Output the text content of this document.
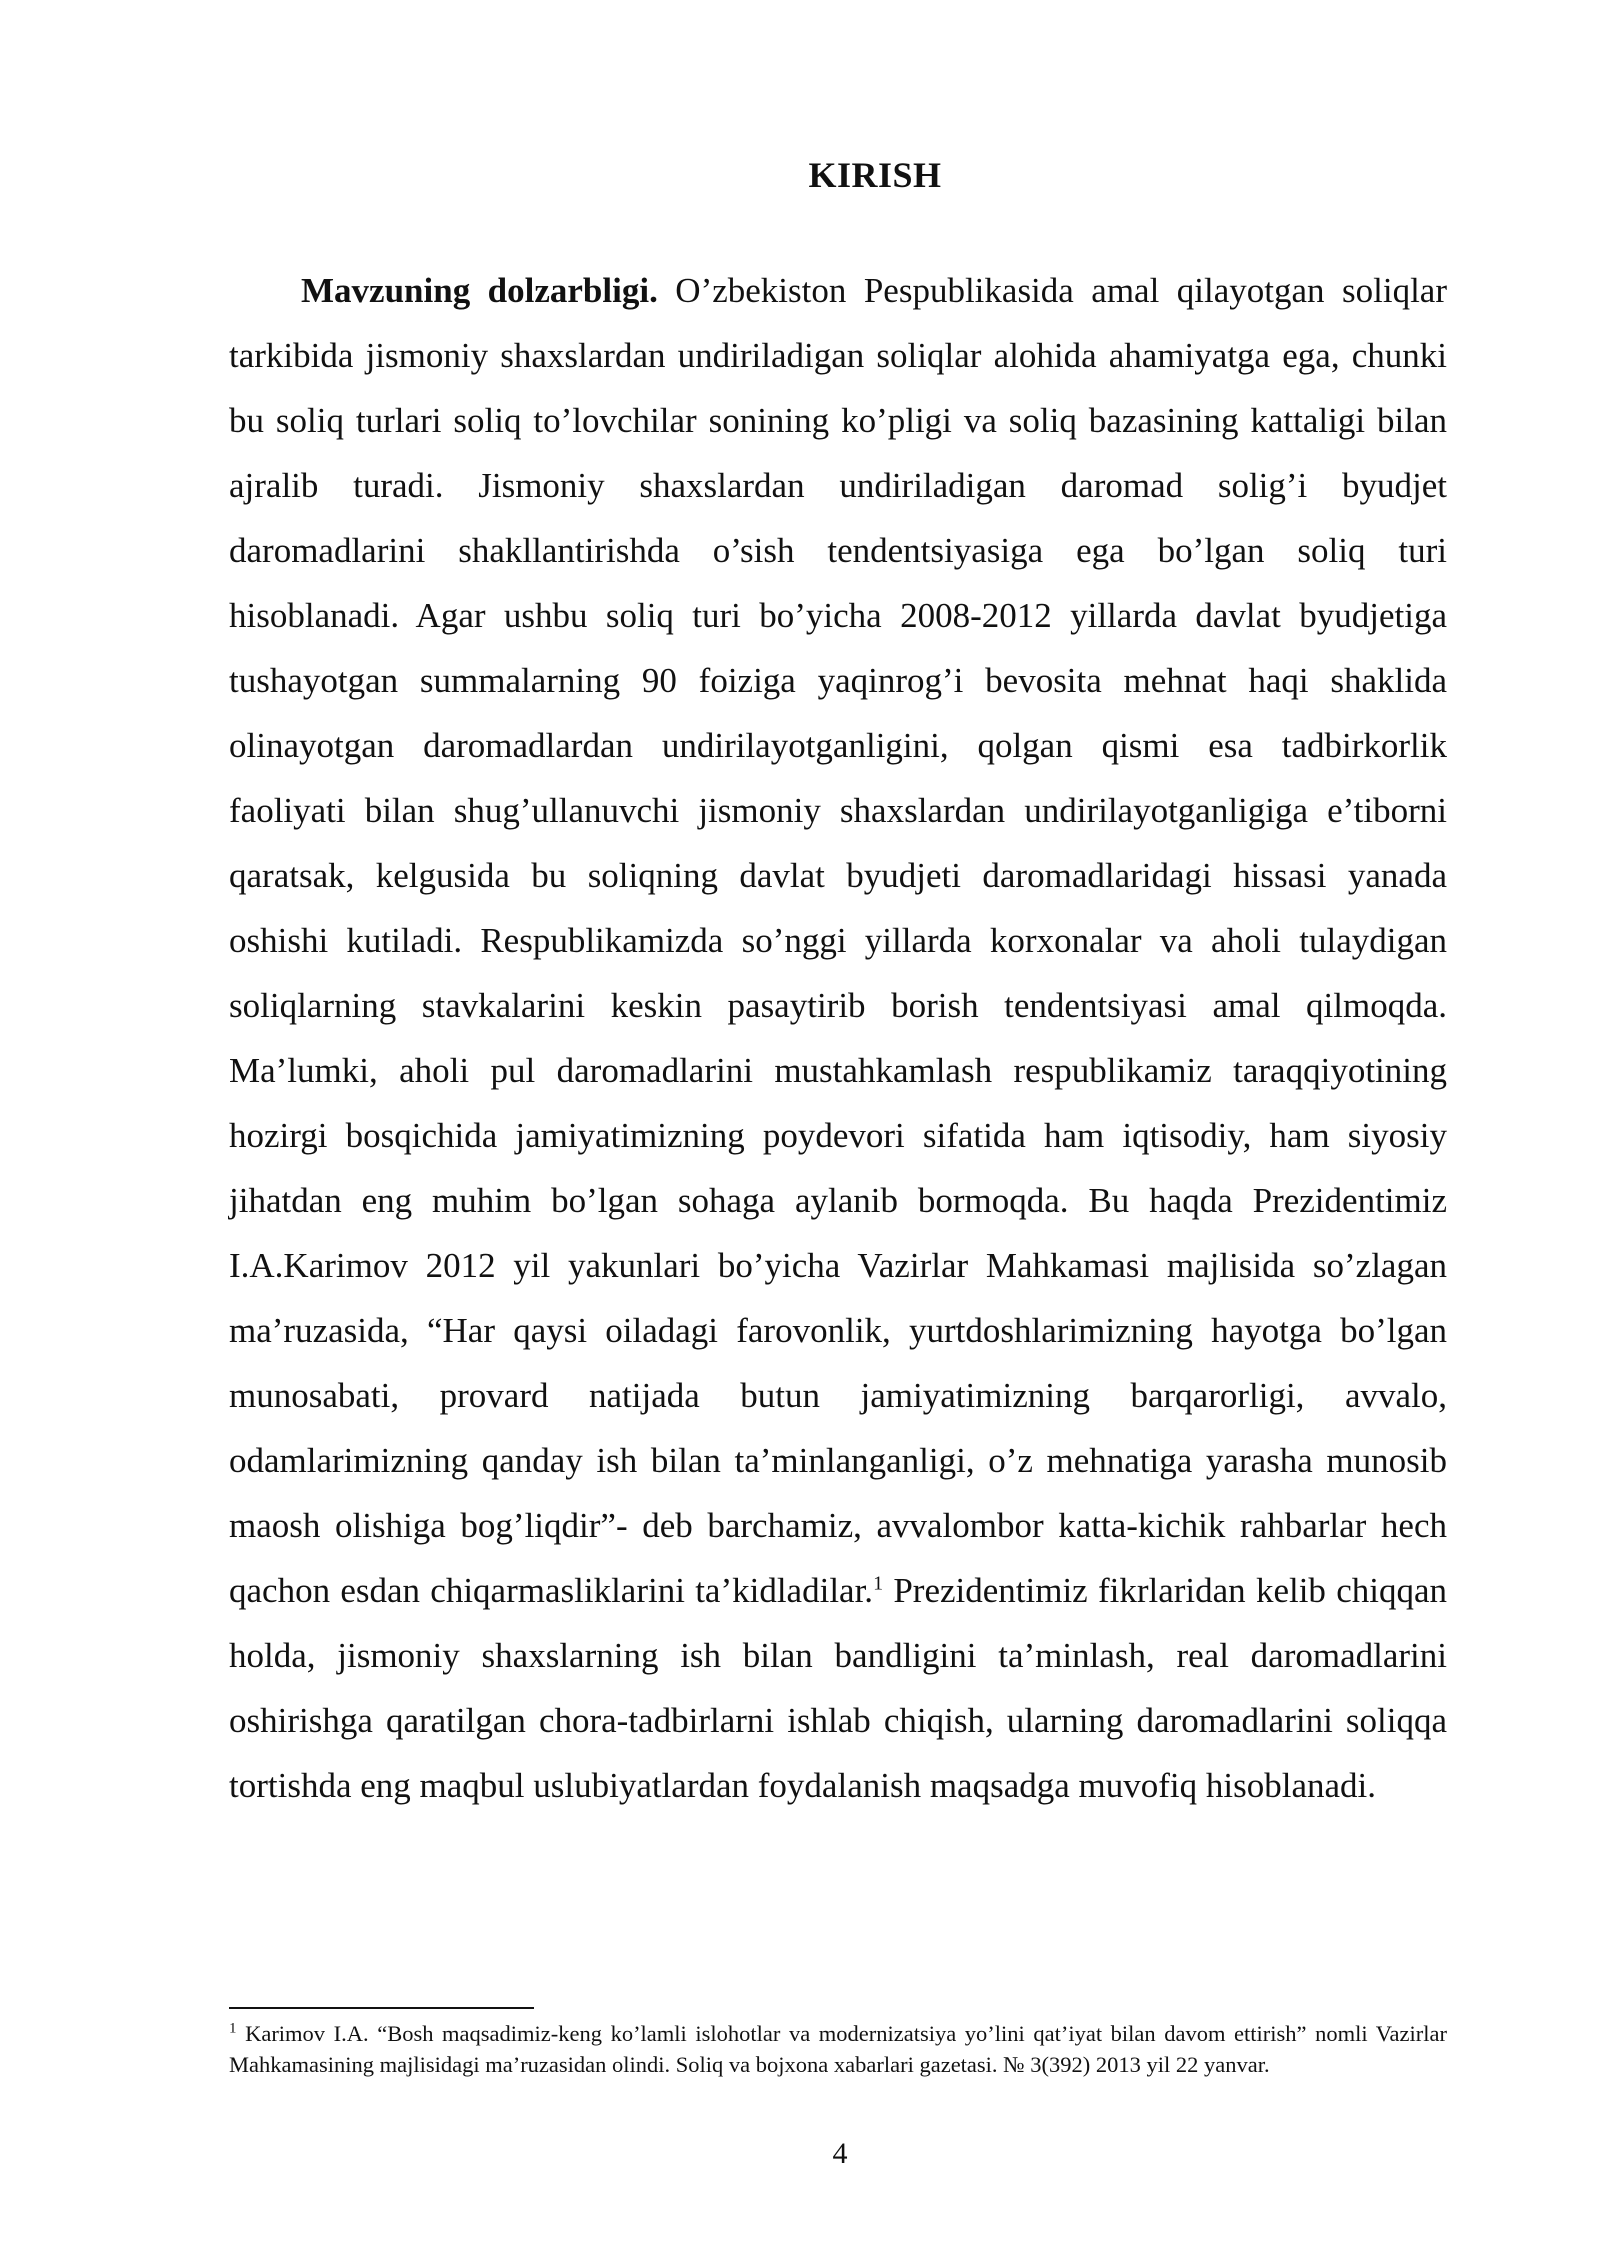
KIRISH

Mavzuning dolzarbligi. O’zbekiston Pespublikasida amal qilayotgan soliqlar tarkibida jismoniy shaxslardan undiriladigan soliqlar alohida ahamiyatga ega, chunki bu soliq turlari soliq to’lovchilar sonining ko’pligi va soliq bazasining kattaligi bilan ajralib turadi. Jismoniy shaxslardan undiriladigan daromad solig’i byudjet daromadlarini shakllantirishda o’sish tendentsiyasiga ega bo’lgan soliq turi hisoblanadi. Agar ushbu soliq turi bo’yicha 2008-2012 yillarda davlat byudjetiga tushayotgan summalarning 90 foiziga yaqinrog’i bevosita mehnat haqi shaklida olinayotgan daromadlardan undirilayotganligini, qolgan qismi esa tadbirkorlik faoliyati bilan shug’ullanuvchi jismoniy shaxslardan undirilayotganligiga e’tiborni qaratsak, kelgusida bu soliqning davlat byudjeti daromadlaridagi hissasi yanada oshishi kutiladi. Respublikamizda so’nggi yillarda korxonalar va aholi tulaydigan soliqlarning stavkalarini keskin pasaytirib borish tendentsiyasi amal qilmoqda. Ma’lumki, aholi pul daromadlarini mustahkamlash respublikamiz taraqqiyotining hozirgi bosqichida jamiyatimizning poydevori sifatida ham iqtisodiy, ham siyosiy jihatdan eng muhim bo’lgan sohaga aylanib bormoqda. Bu haqda Prezidentimiz I.A.Karimov 2012 yil yakunlari bo’yicha Vazirlar Mahkamasi majlisida so’zlagan ma’ruzasida, “Har qaysi oiladagi farovonlik, yurtdoshlarimizning hayotga bo’lgan munosabati, provard natijada butun jamiyatimizning barqarorligi, avvalo, odamlarimizning qanday ish bilan ta’minlanganligi, o’z mehnatiga yarasha munosib maosh olishiga bog’liqdir”- deb barchamiz, avvalombor katta-kichik rahbarlar hech qachon esdan chiqarmasliklarini ta’kidladilar.$^1$ Prezidentimiz fikrlaridan kelib chiqqan holda, jismoniy shaxslarning ish bilan bandligini ta’minlash, real daromadlarini oshirishga qaratilgan chora-tadbirlarni ishlab chiqish, ularning daromadlarini soliqqa tortishda eng maqbul uslubiyatlardan foydalanish maqsadga muvofiq hisoblanadi.

$^1$ Karimov I.A. “Bosh maqsadimiz-keng ko’lamli islohotlar va modernizatsiya yo’lini qat’iyat bilan davom ettirish” nomli Vazirlar Mahkamasining majlisidagi ma’ruzasidan olindi. Soliq va bojxona xabarlari gazetasi. № 3(392) 2013 yil 22 yanvar.

4
